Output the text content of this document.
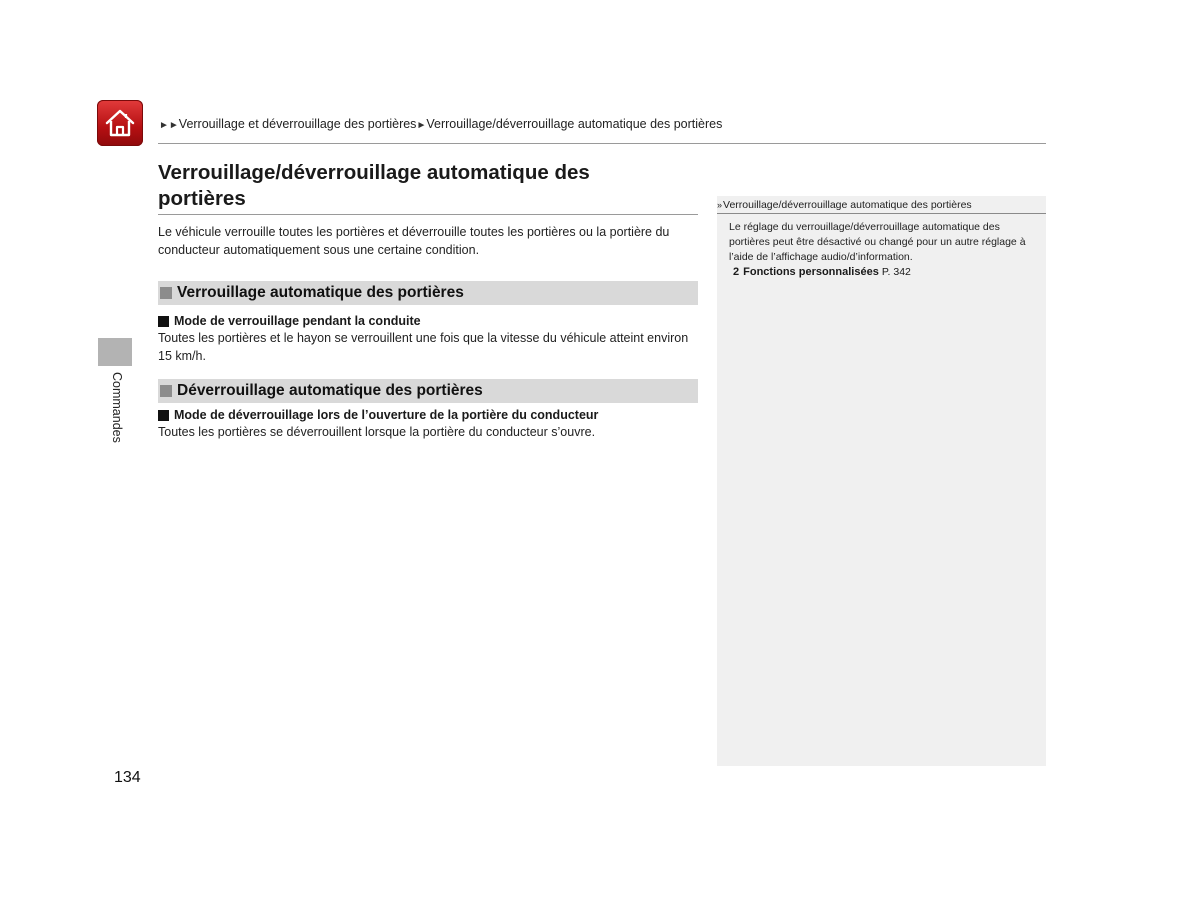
►►Verrouillage et déverrouillage des portières►Verrouillage/déverrouillage automatique des portières
Commandes
Verrouillage/déverrouillage automatique des
portières
Le véhicule verrouille toutes les portières et déverrouille toutes les portières ou la portière du conducteur automatiquement sous une certaine condition.
Verrouillage automatique des portières
Mode de verrouillage pendant la conduite
Toutes les portières et le hayon se verrouillent une fois que la vitesse du véhicule atteint environ 15 km/h.
Déverrouillage automatique des portières
Mode de déverrouillage lors de l’ouverture de la portière du conducteur
Toutes les portières se déverrouillent lorsque la portière du conducteur s’ouvre.
» Verrouillage/déverrouillage automatique des portières
Le réglage du verrouillage/déverrouillage automatique des portières peut être désactivé ou changé pour un autre réglage à l’aide de l’affichage audio/d’information.
2 Fonctions personnalisées P. 342
134
